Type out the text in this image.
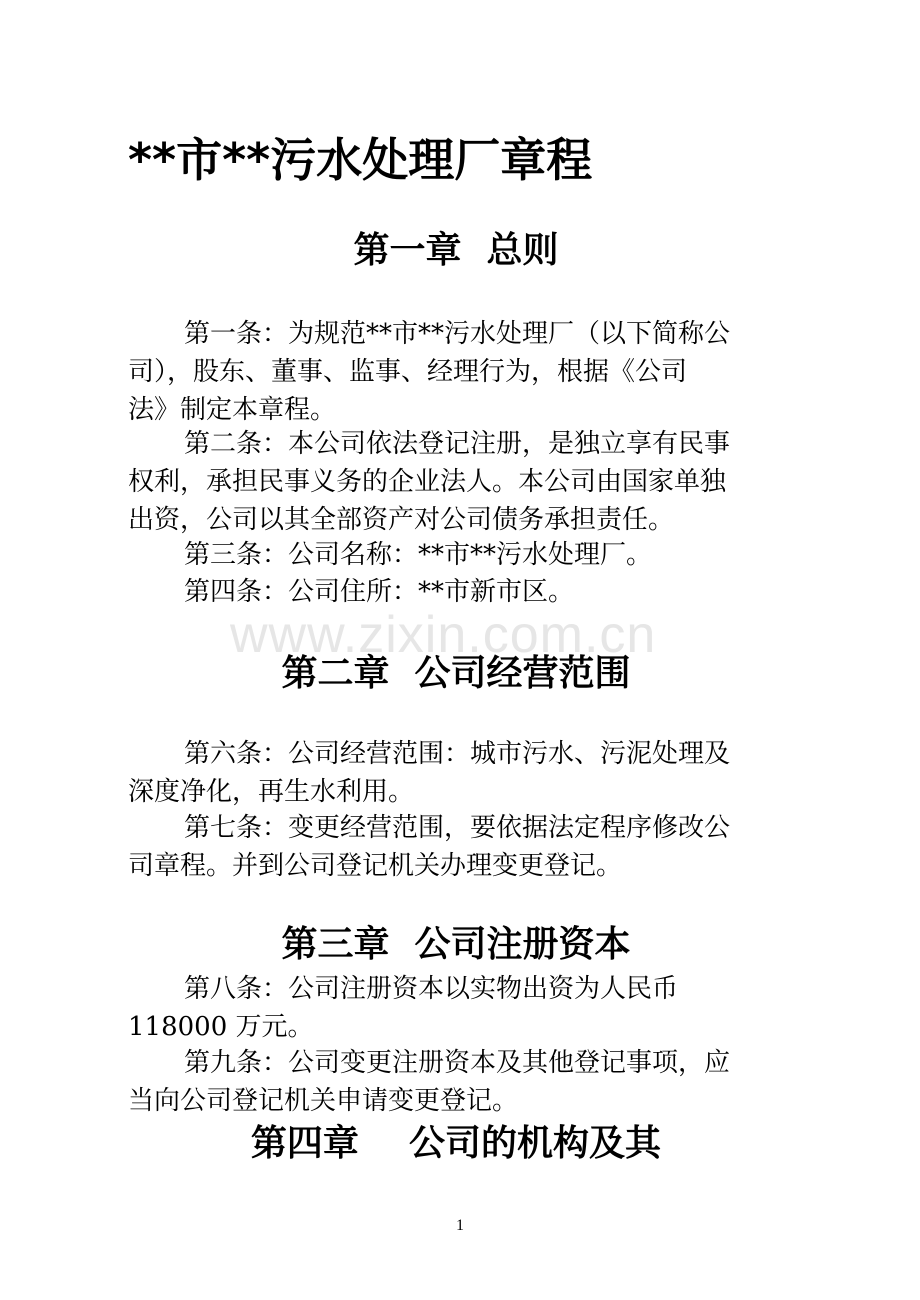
www.zixin.com.cn
**市**污水处理厂章程
第一章  总则

第一条：为规范**市**污水处理厂（以下简称公
司），股东、董事、监事、经理行为，根据《公司
法》制定本章程。

第二条：本公司依法登记注册，是独立享有民事
权利，承担民事义务的企业法人。本公司由国家单独
出资，公司以其全部资产对公司债务承担责任。

第三条：公司名称：**市**污水处理厂。

第四条：公司住所：**市新市区。

第二章  公司经营范围

第六条：公司经营范围：城市污水、污泥处理及
深度净化，再生水利用。

第七条：变更经营范围，要依据法定程序修改公
司章程。并到公司登记机关办理变更登记。

第三章  公司注册资本

第八条：公司注册资本以实物出资为人民币
118000 万元。

第九条：公司变更注册资本及其他登记事项，应
当向公司登记机关申请变更登记。

第四章    公司的机构及其
1
